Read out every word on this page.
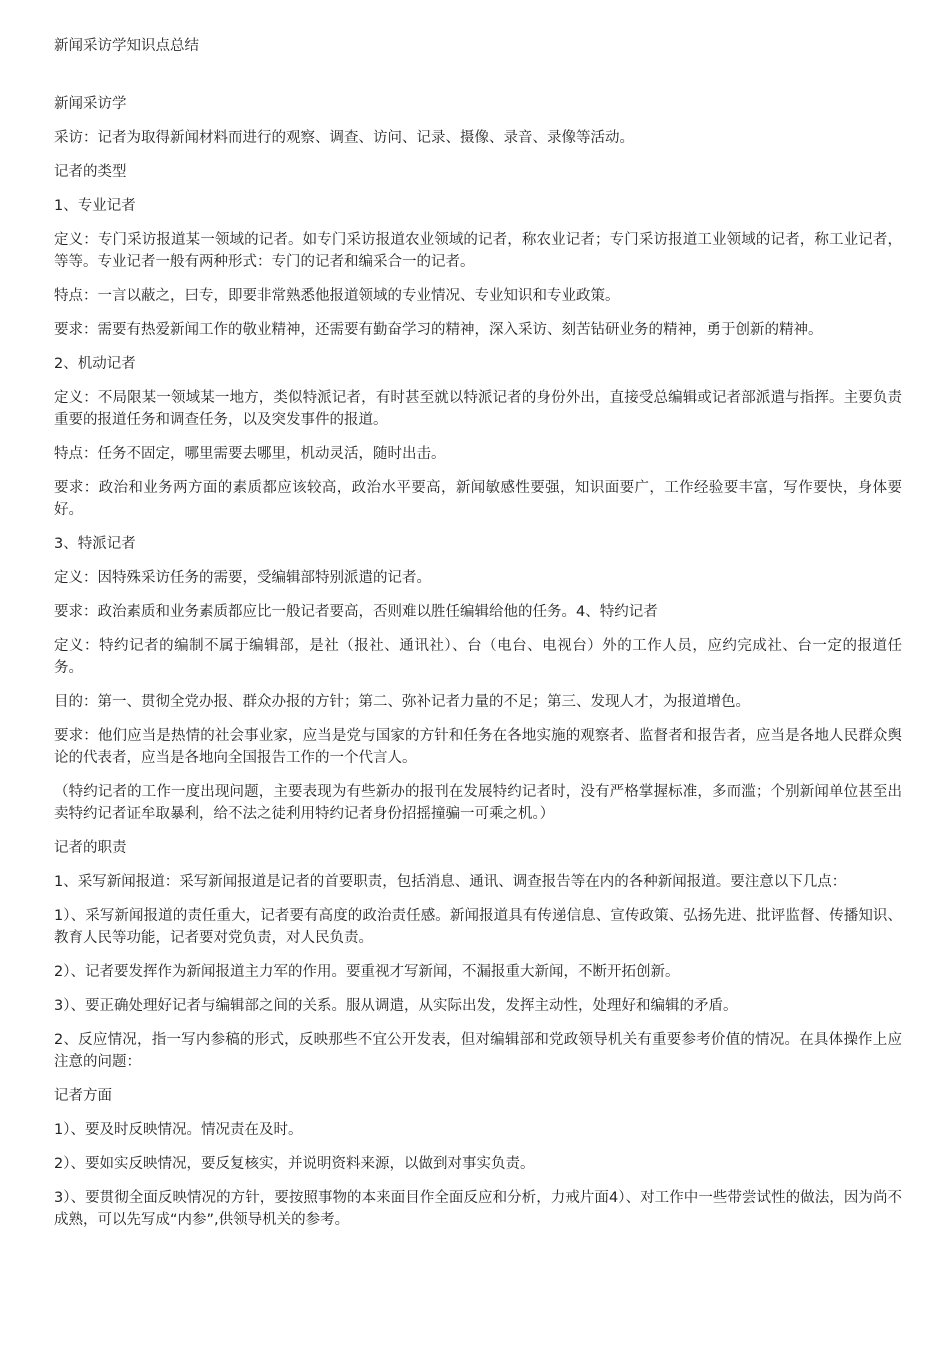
新闻采访学知识点总结

新闻采访学

采访：记者为取得新闻材料而进行的观察、调查、访问、记录、摄像、录音、录像等活动。

记者的类型

1、专业记者

定义：专门采访报道某一领域的记者。如专门采访报道农业领域的记者，称农业记者；专门采访报道工业领域的记者，称工业记者，等等。专业记者一般有两种形式：专门的记者和编采合一的记者。

特点：一言以蔽之，曰专，即要非常熟悉他报道领域的专业情况、专业知识和专业政策。

要求：需要有热爱新闻工作的敬业精神，还需要有勤奋学习的精神，深入采访、刻苦钻研业务的精神，勇于创新的精神。

2、机动记者

定义：不局限某一领域某一地方，类似特派记者，有时甚至就以特派记者的身份外出，直接受总编辑或记者部派遣与指挥。主要负责重要的报道任务和调查任务，以及突发事件的报道。

特点：任务不固定，哪里需要去哪里，机动灵活，随时出击。

要求：政治和业务两方面的素质都应该较高，政治水平要高，新闻敏感性要强，知识面要广，工作经验要丰富，写作要快，身体要好。

3、特派记者

定义：因特殊采访任务的需要，受编辑部特别派遣的记者。

要求：政治素质和业务素质都应比一般记者要高，否则难以胜任编辑给他的任务。4、特约记者

定义：特约记者的编制不属于编辑部，是社（报社、通讯社）、台（电台、电视台）外的工作人员，应约完成社、台一定的报道任务。

目的：第一、贯彻全党办报、群众办报的方针；第二、弥补记者力量的不足；第三、发现人才，为报道增色。

要求：他们应当是热情的社会事业家，应当是党与国家的方针和任务在各地实施的观察者、监督者和报告者，应当是各地人民群众舆论的代表者，应当是各地向全国报告工作的一个代言人。

（特约记者的工作一度出现问题，主要表现为有些新办的报刊在发展特约记者时，没有严格掌握标准，多而滥；个别新闻单位甚至出卖特约记者证牟取暴利，给不法之徒利用特约记者身份招摇撞骗一可乘之机。）

记者的职责

1、采写新闻报道：采写新闻报道是记者的首要职责，包括消息、通讯、调查报告等在内的各种新闻报道。要注意以下几点：

1）、采写新闻报道的责任重大，记者要有高度的政治责任感。新闻报道具有传递信息、宣传政策、弘扬先进、批评监督、传播知识、教育人民等功能，记者要对党负责，对人民负责。

2）、记者要发挥作为新闻报道主力军的作用。要重视才写新闻，不漏报重大新闻，不断开拓创新。

3）、要正确处理好记者与编辑部之间的关系。服从调遣，从实际出发，发挥主动性，处理好和编辑的矛盾。

2、反应情况，指一写内参稿的形式，反映那些不宜公开发表，但对编辑部和党政领导机关有重要参考价值的情况。在具体操作上应注意的问题：

记者方面

1）、要及时反映情况。情况责在及时。

2）、要如实反映情况，要反复核实，并说明资料来源，以做到对事实负责。

3）、要贯彻全面反映情况的方针，要按照事物的本来面目作全面反应和分析，力戒片面4）、对工作中一些带尝试性的做法，因为尚不成熟，可以先写成“内参”,供领导机关的参考。
